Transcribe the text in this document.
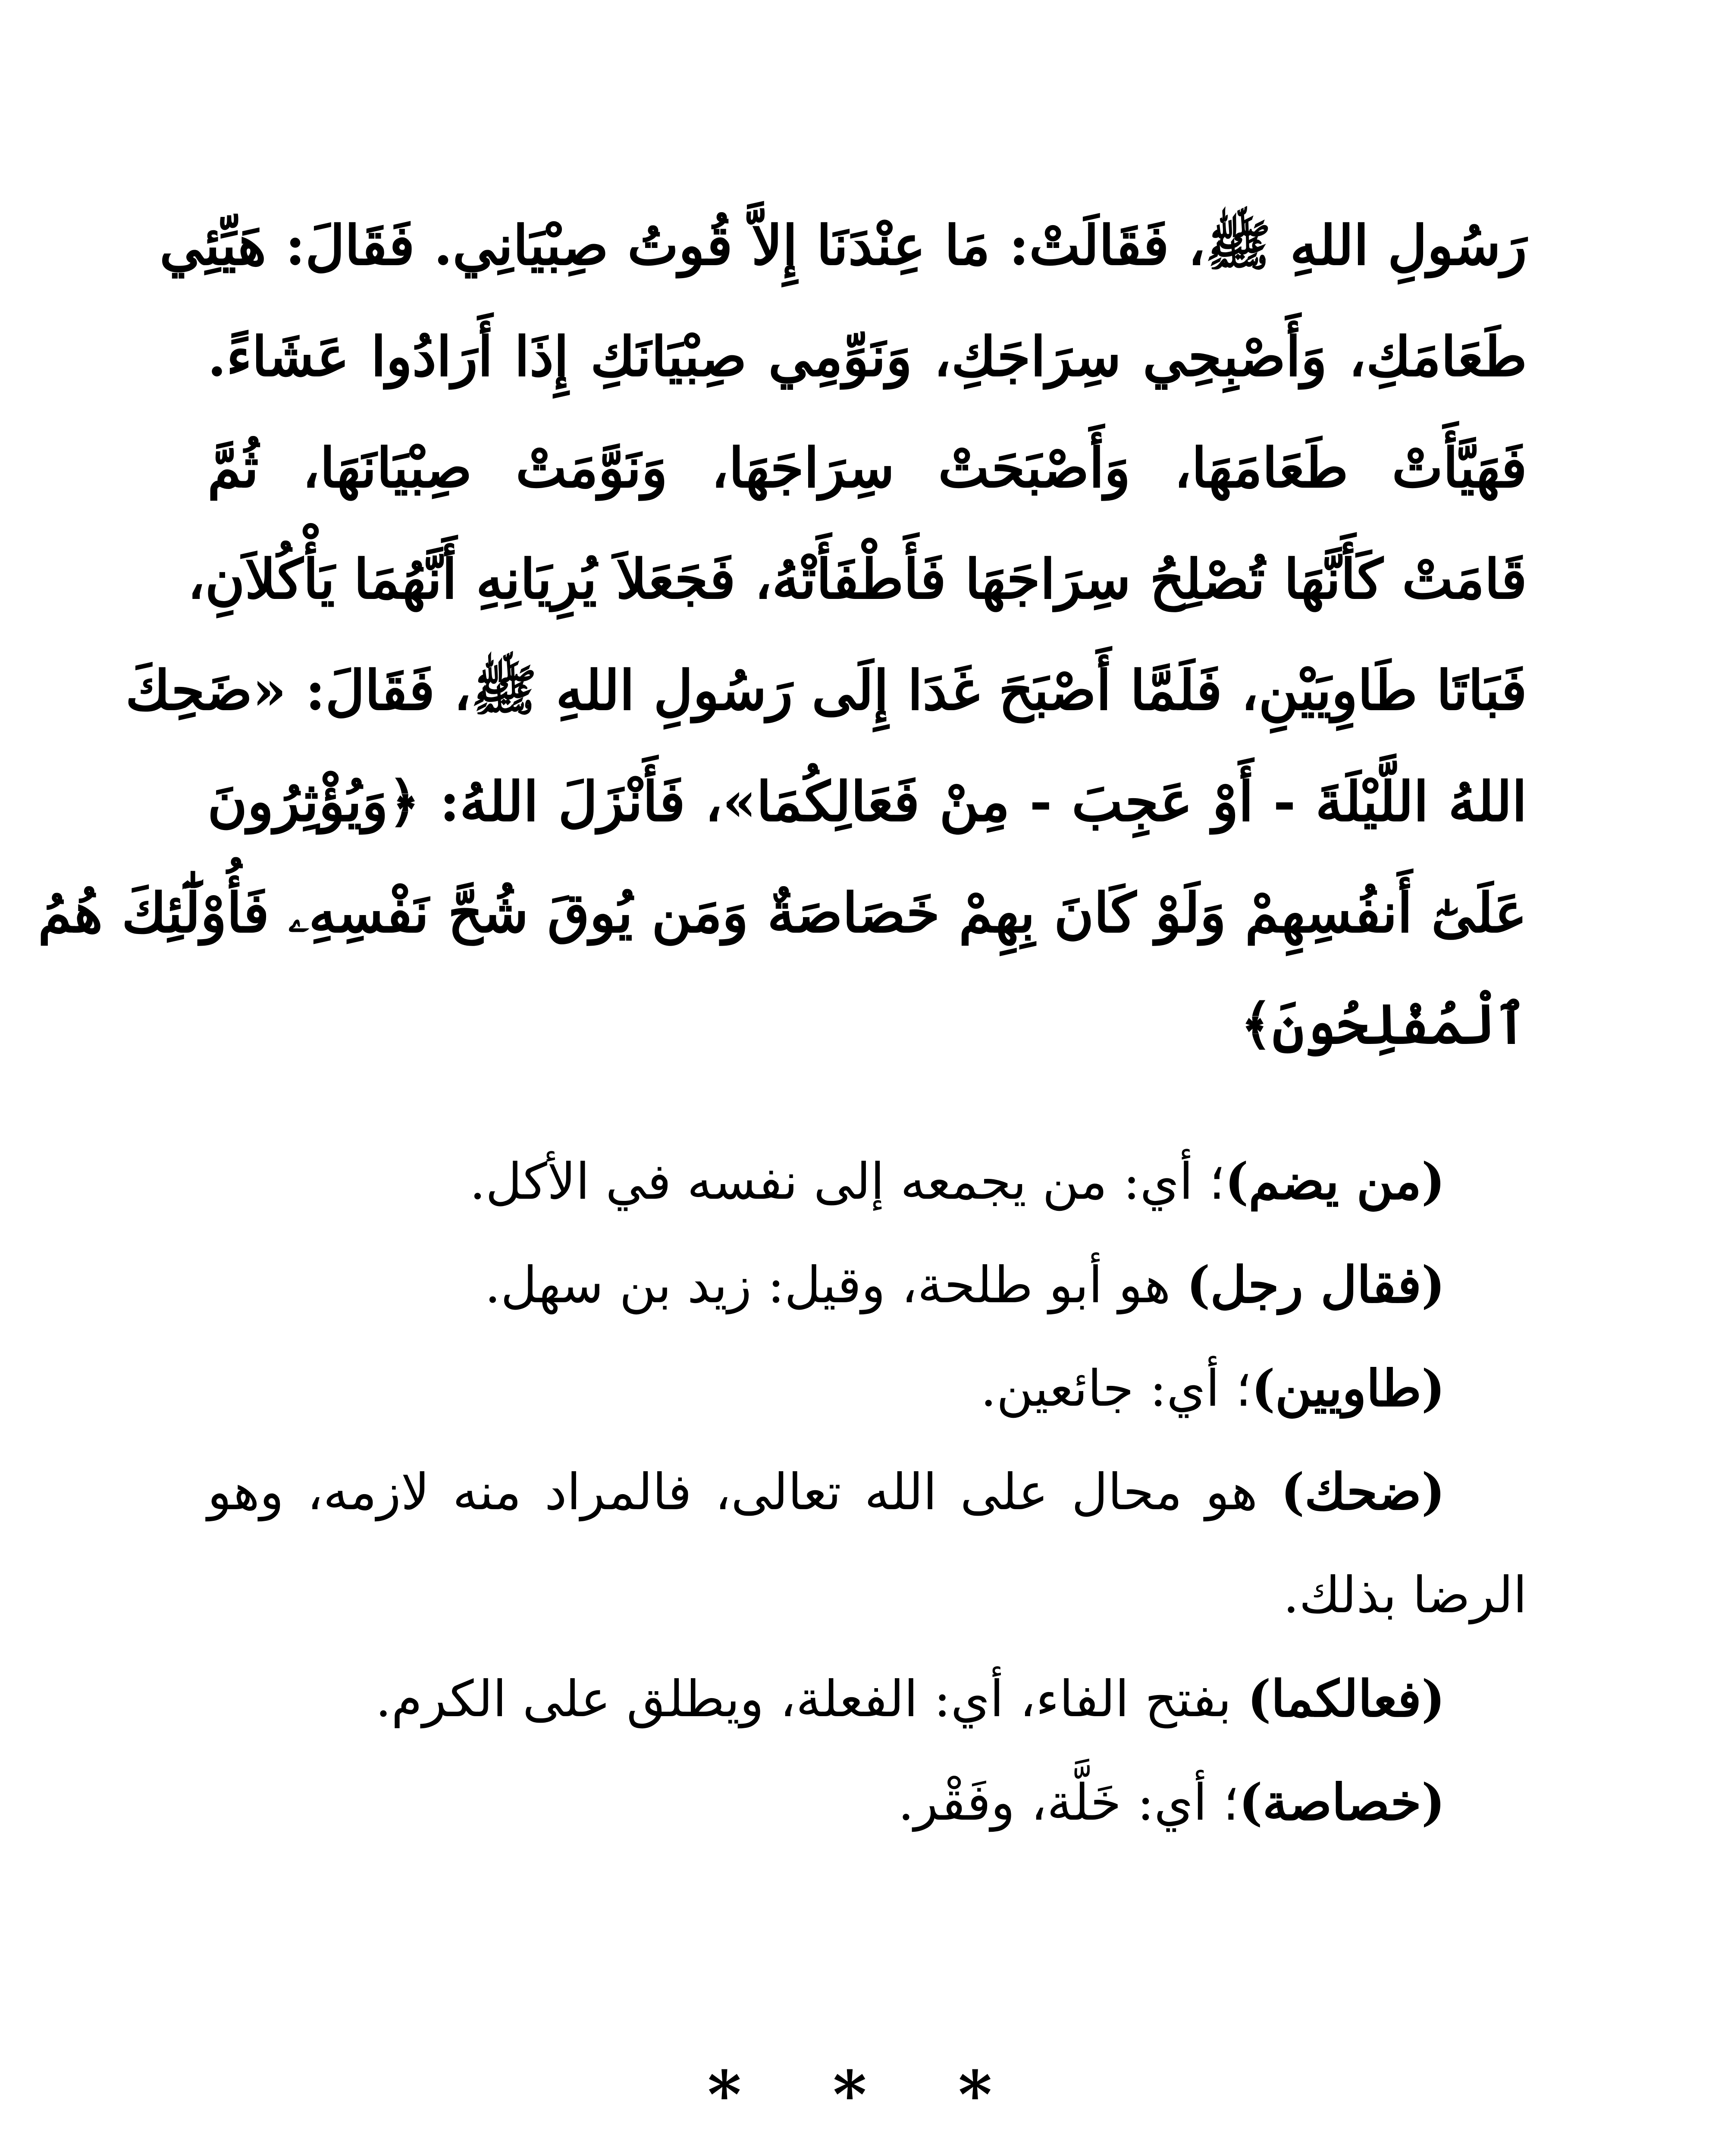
رَسُولِ اللهِ ﷺ، فَقَالَتْ: مَا عِنْدَنَا إِلاَّ قُوتُ صِبْيَانِي. فَقَالَ: هَيِّئِي
طَعَامَكِ، وَأَصْبِحِي سِرَاجَكِ، وَنَوِّمِي صِبْيَانَكِ إِذَا أَرَادُوا عَشَاءً.
فَهَيَّأَتْ طَعَامَهَا، وَأَصْبَحَتْ سِرَاجَهَا، وَنَوَّمَتْ صِبْيَانَهَا، ثُمَّ
قَامَتْ كَأَنَّهَا تُصْلِحُ سِرَاجَهَا فَأَطْفَأَتْهُ، فَجَعَلاَ يُرِيَانِهِ أَنَّهُمَا يَأْكُلاَنِ،
فَبَاتَا طَاوِيَيْنِ، فَلَمَّا أَصْبَحَ غَدَا إِلَى رَسُولِ اللهِ ﷺ، فَقَالَ: «ضَحِكَ
اللهُ اللَّيْلَةَ - أَوْ عَجِبَ - مِنْ فَعَالِكُمَا»، فَأَنْزَلَ اللهُ: ﴿وَيُؤْثِرُونَ
عَلَىٰٓ أَنفُسِهِمْ وَلَوْ كَانَ بِهِمْ خَصَاصَةٌ وَمَن يُوقَ شُحَّ نَفْسِهِۦ فَأُوْلَٰٓئِكَ هُمُ
ٱلْمُفْلِحُونَ﴾
(من يضم)؛ أي: من يجمعه إلى نفسه في الأكل.
(فقال رجل) هو أبو طلحة، وقيل: زيد بن سهل.
(طاويين)؛ أي: جائعين.
(ضحك) هو محال على الله تعالى، فالمراد منه لازمه، وهو
الرضا بذلك.
(فعالكما) بفتح الفاء، أي: الفعلة، ويطلق على الكرم.
(خصاصة)؛ أي: خَلَّة، وفَقْر.
* * *
